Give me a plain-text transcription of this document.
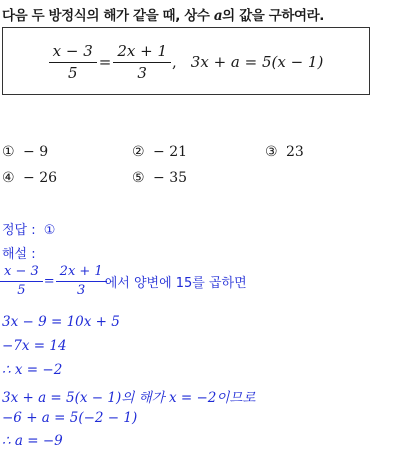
다음 두 방정식의 해가 같을 때, 상수 a의 값을 구하여라.
$\frac{x - 3}{5} = \frac{2x + 1}{3}$ , 3x + a = 5(x − 1)
① − 9	② − 21	③ 23
④ − 26	⑤ − 35
정답 : ①
해설 :
$\frac{x - 3}{5} = \frac{2x + 1}{3}$ 에서 양변에 15를 곱하면
3x − 9 = 10x + 5
−7x = 14
∴ x = −2
3x + a = 5(x − 1)의 해가 x = −2이므로
−6 + a = 5(−2 − 1)
∴ a = −9
